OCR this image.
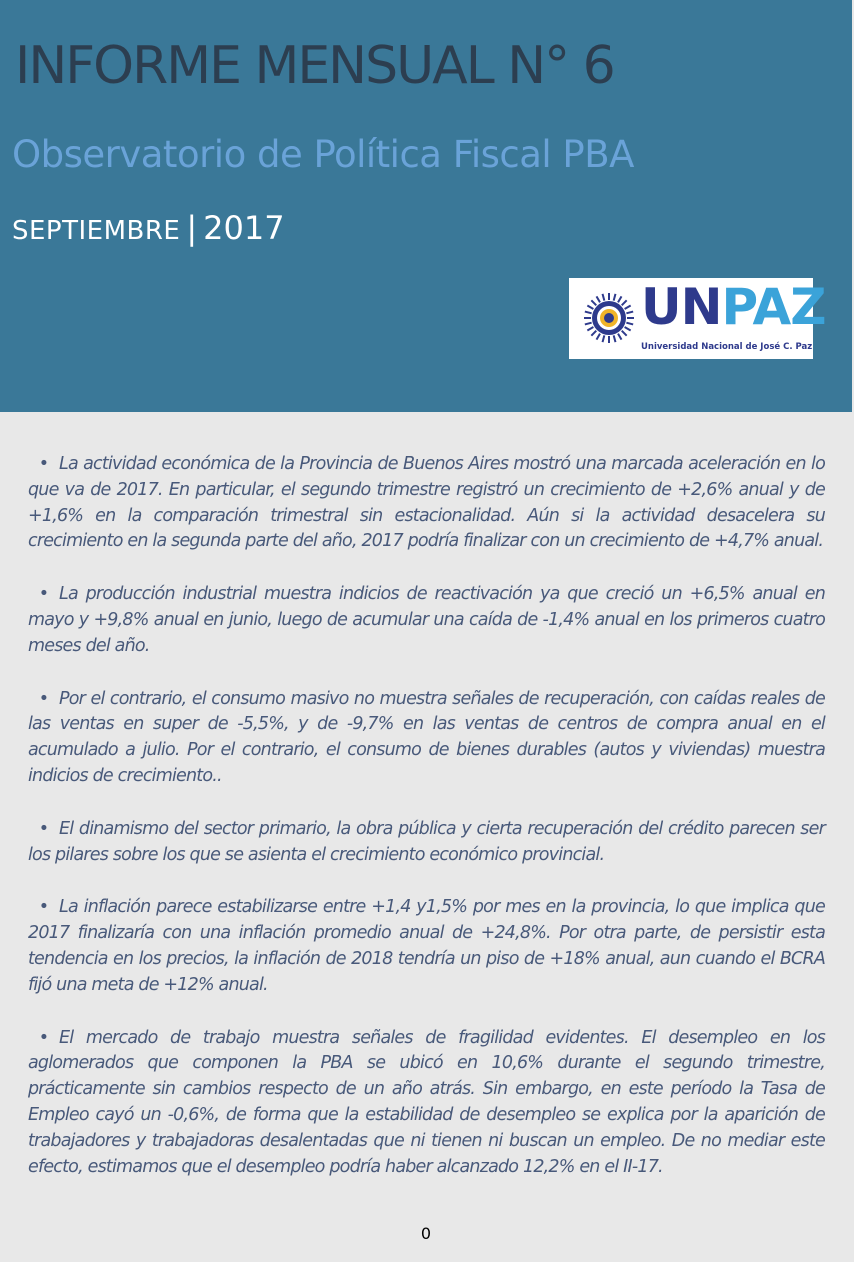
INFORME MENSUAL N° 6
Observatorio de Política Fiscal PBA
SEPTIEMBRE | 2017
UNPAZ
Universidad Nacional de José C. Paz

• La actividad económica de la Provincia de Buenos Aires mostró una marcada aceleración en lo que va de 2017. En particular, el segundo trimestre registró un crecimiento de +2,6% anual y de +1,6% en la comparación trimestral sin estacionalidad. Aún si la actividad desacelera su crecimiento en la segunda parte del año, 2017 podría finalizar con un crecimiento de +4,7% anual.

• La producción industrial muestra indicios de reactivación ya que creció un +6,5% anual en mayo y +9,8% anual en junio, luego de acumular una caída de -1,4% anual en los primeros cuatro meses del año.

• Por el contrario, el consumo masivo no muestra señales de recuperación, con caídas reales de las ventas en super de -5,5%, y de -9,7% en las ventas de centros de compra anual en el acumulado a julio. Por el contrario, el consumo de bienes durables (autos y viviendas) muestra indicios de crecimiento..

• El dinamismo del sector primario, la obra pública y cierta recuperación del crédito parecen ser los pilares sobre los que se asienta el crecimiento económico provincial.

• La inflación parece estabilizarse entre +1,4 y1,5% por mes en la provincia, lo que implica que 2017 finalizaría con una inflación promedio anual de +24,8%. Por otra parte, de persistir esta tendencia en los precios, la inflación de 2018 tendría un piso de +18% anual, aun cuando el BCRA fijó una meta de +12% anual.

• El mercado de trabajo muestra señales de fragilidad evidentes. El desempleo en los aglomerados que componen la PBA se ubicó en 10,6% durante el segundo trimestre, prácticamente sin cambios respecto de un año atrás. Sin embargo, en este período la Tasa de Empleo cayó un -0,6%, de forma que la estabilidad de desempleo se explica por la aparición de trabajadores y trabajadoras desalentadas que ni tienen ni buscan un empleo. De no mediar este efecto, estimamos que el desempleo podría haber alcanzado 12,2% en el II-17.

0
